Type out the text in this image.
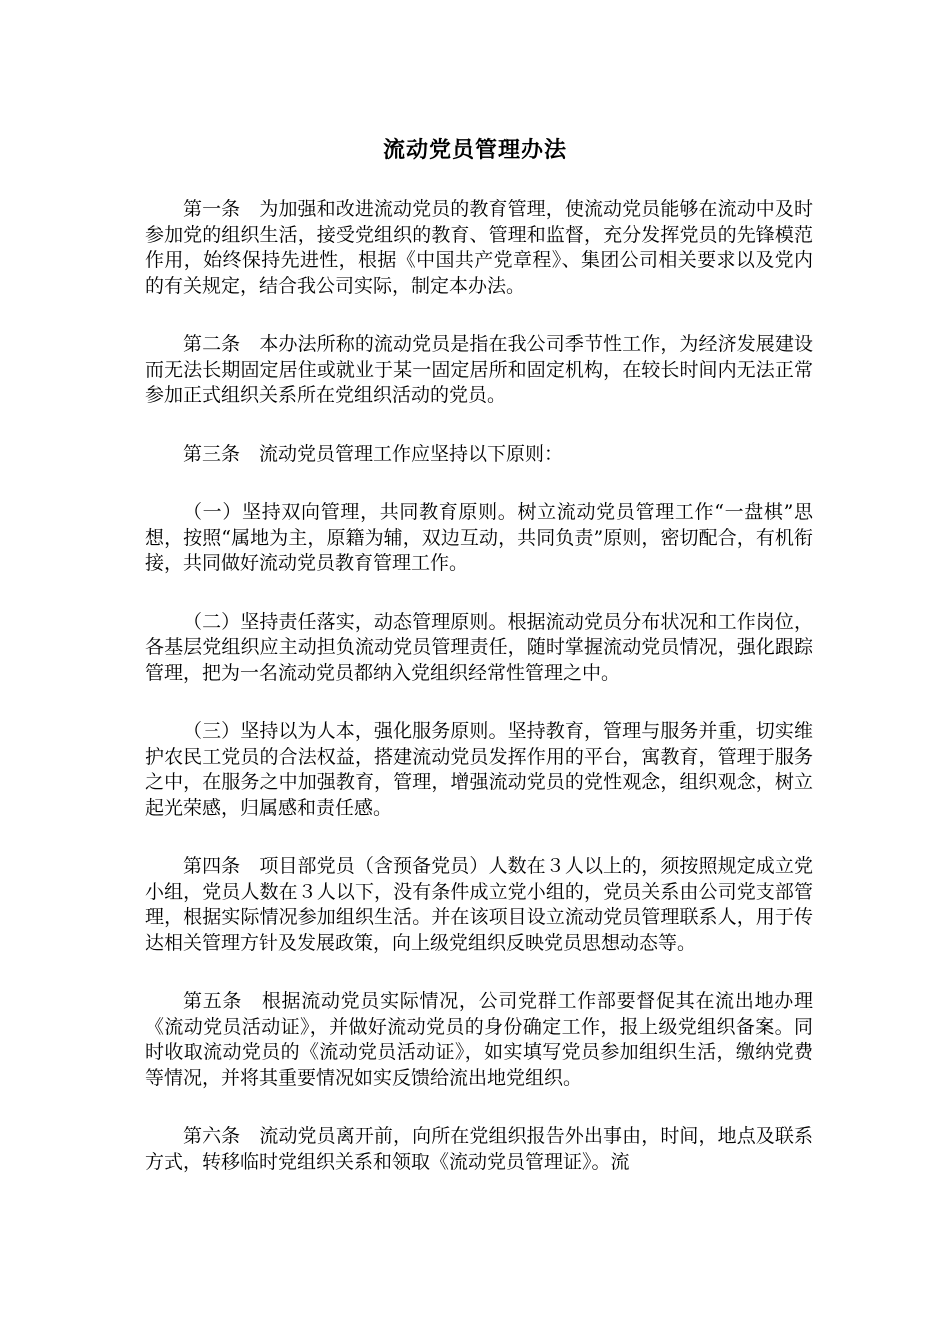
流动党员管理办法

第一条　为加强和改进流动党员的教育管理，使流动党员能够在流动中及时参加党的组织生活，接受党组织的教育、管理和监督，充分发挥党员的先锋模范作用，始终保持先进性，根据《中国共产党章程》、集团公司相关要求以及党内的有关规定，结合我公司实际，制定本办法。

第二条　本办法所称的流动党员是指在我公司季节性工作，为经济发展建设而无法长期固定居住或就业于某一固定居所和固定机构，在较长时间内无法正常参加正式组织关系所在党组织活动的党员。

第三条　流动党员管理工作应坚持以下原则：

（一）坚持双向管理，共同教育原则。树立流动党员管理工作“一盘棋”思想，按照“属地为主，原籍为辅，双边互动，共同负责”原则，密切配合，有机衔接，共同做好流动党员教育管理工作。

（二）坚持责任落实，动态管理原则。根据流动党员分布状况和工作岗位，各基层党组织应主动担负流动党员管理责任，随时掌握流动党员情况，强化跟踪管理，把为一名流动党员都纳入党组织经常性管理之中。

（三）坚持以为人本，强化服务原则。坚持教育，管理与服务并重，切实维护农民工党员的合法权益，搭建流动党员发挥作用的平台，寓教育，管理于服务之中，在服务之中加强教育，管理，增强流动党员的党性观念，组织观念，树立起光荣感，归属感和责任感。

第四条　项目部党员（含预备党员）人数在３人以上的，须按照规定成立党小组，党员人数在３人以下，没有条件成立党小组的，党员关系由公司党支部管理，根据实际情况参加组织生活。并在该项目设立流动党员管理联系人，用于传达相关管理方针及发展政策，向上级党组织反映党员思想动态等。

第五条　根据流动党员实际情况，公司党群工作部要督促其在流出地办理《流动党员活动证》，并做好流动党员的身份确定工作，报上级党组织备案。同时收取流动党员的《流动党员活动证》，如实填写党员参加组织生活，缴纳党费等情况，并将其重要情况如实反馈给流出地党组织。

第六条　流动党员离开前，向所在党组织报告外出事由，时间，地点及联系方式，转移临时党组织关系和领取《流动党员管理证》。流
